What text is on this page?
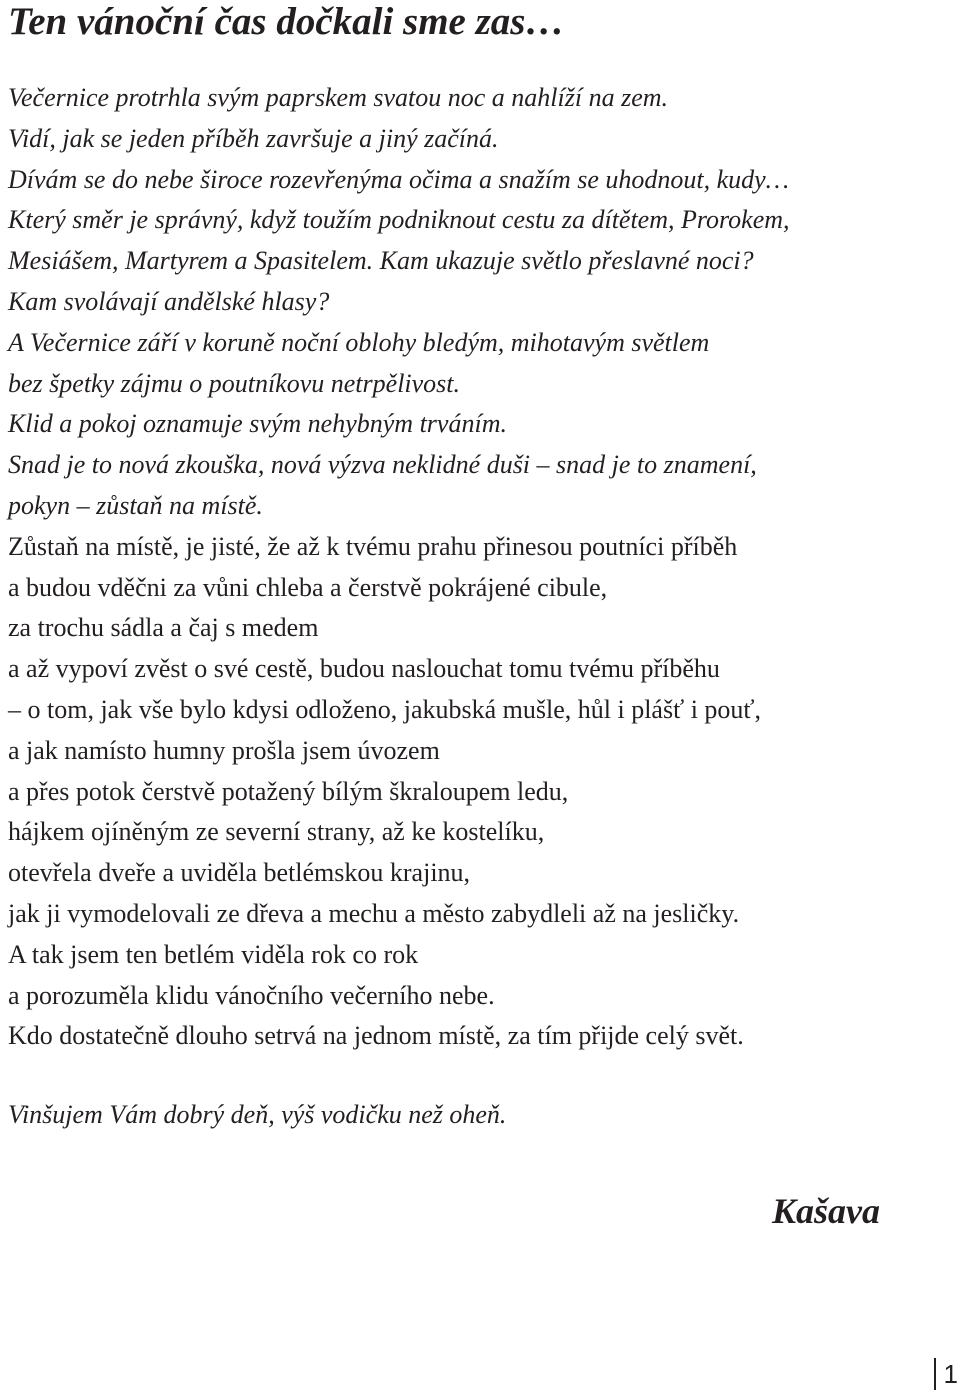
Ten vánoční čas dočkali sme zas…
Večernice protrhla svým paprskem svatou noc a nahlíží na zem.
Vidí, jak se jeden příběh završuje a jiný začíná.
Dívám se do nebe široce rozevřenýma očima a snažím se uhodnout, kudy…
Který směr je správný, když toužím podniknout cestu za dítětem, Prorokem,
Mesiášem, Martyrem a Spasitelem. Kam ukazuje světlo přeslavné noci?
Kam svolávají andělské hlasy?
A Večernice září v koruně noční oblohy bledým, mihotavým světlem
bez špetky zájmu o poutníkovu netrpělivost.
Klid a pokoj oznamuje svým nehybným trváním.
Snad je to nová zkouška, nová výzva neklidné duši – snad je to znamení,
pokyn – zůstaň na místě.
Zůstaň na místě, je jisté, že až k tvému prahu přinesou poutníci příběh
a budou vděčni za vůni chleba a čerstvě pokrájené cibule,
za trochu sádla a čaj s medem
a až vypoví zvěst o své cestě, budou naslouchat tomu tvému příběhu
– o tom, jak vše bylo kdysi odloženo, jakubská mušle, hůl i plášť i pouť,
a jak namísto humny prošla jsem úvozem
a přes potok čerstvě potažený bílým škraloupem ledu,
hájkem ojíněným ze severní strany, až ke kostelíku,
otevřela dveře a uviděla betlémskou krajinu,
jak ji vymodelovali ze dřeva a mechu a město zabydleli až na jesličky.
A tak jsem ten betlém viděla rok co rok
a porozuměla klidu vánočního večerního nebe.
Kdo dostatečně dlouho setrvá na jednom místě, za tím přijde celý svět.
Vinšujem Vám dobrý deň, výš vodičku než oheň.
Kašava
1
